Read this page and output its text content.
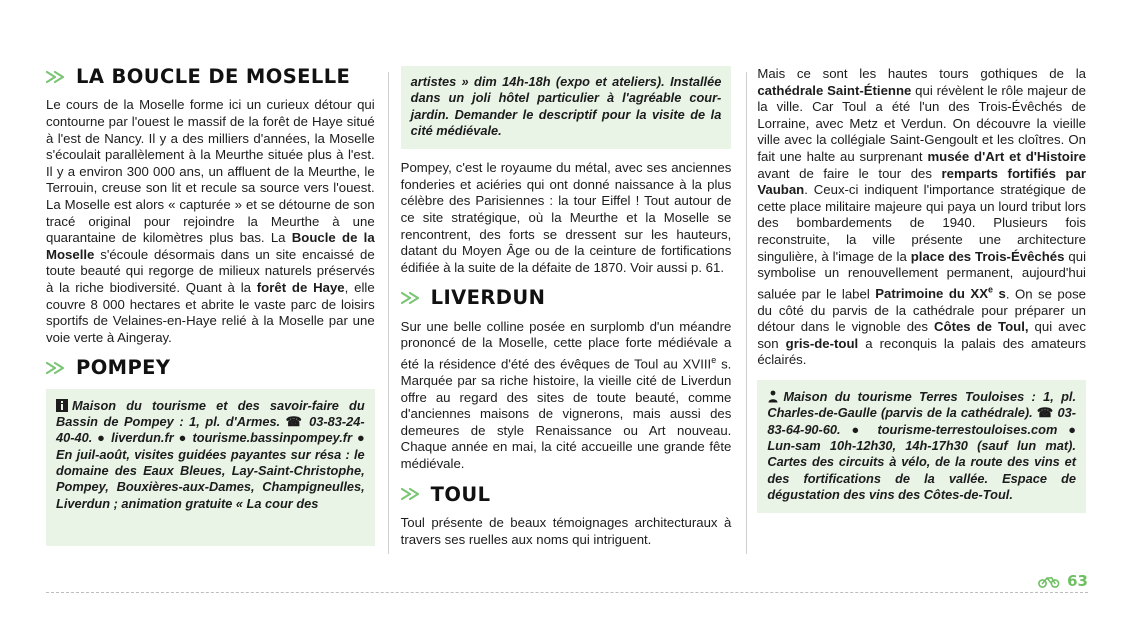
LA BOUCLE DE MOSELLE

Le cours de la Moselle forme ici un curieux détour qui contourne par l'ouest le massif de la forêt de Haye situé à l'est de Nancy. Il y a des milliers d'années, la Moselle s'écoulait parallèlement à la Meurthe située plus à l'est. Il y a environ 300 000 ans, un affluent de la Meurthe, le Terrouin, creuse son lit et recule sa source vers l'ouest. La Moselle est alors « capturée » et se détourne de son tracé original pour rejoindre la Meurthe à une quarantaine de kilomètres plus bas. La Boucle de la Moselle s'écoule désormais dans un site encaissé de toute beauté qui regorge de milieux naturels préservés à la riche biodiversité. Quant à la forêt de Haye, elle couvre 8 000 hectares et abrite le vaste parc de loisirs sportifs de Velaines-en-Haye relié à la Moselle par une voie verte à Aingeray.

POMPEY
Maison du tourisme et des savoir-faire du Bassin de Pompey : 1, pl. d'Armes. ☎ 03-83-24-40-40. ● liverdun.fr ● tourisme.bassinpompey.fr ● En juil-août, visites guidées payantes sur résa : le domaine des Eaux Bleues, Lay-Saint-Christophe, Pompey, Bouxières-aux-Dames, Champigneulles, Liverdun ; animation gratuite « La cour des
artistes » dim 14h-18h (expo et ateliers). Installée dans un joli hôtel particulier à l'agréable cour-jardin. Demander le descriptif pour la visite de la cité médiévale.

Pompey, c'est le royaume du métal, avec ses anciennes fonderies et aciéries qui ont donné naissance à la plus célèbre des Parisiennes : la tour Eiffel ! Tout autour de ce site stratégique, où la Meurthe et la Moselle se rencontrent, des forts se dressent sur les hauteurs, datant du Moyen Âge ou de la ceinture de fortifications édifiée à la suite de la défaite de 1870. Voir aussi p. 61.

LIVERDUN

Sur une belle colline posée en surplomb d'un méandre prononcé de la Moselle, cette place forte médiévale a été la résidence d'été des évêques de Toul au XVIIIe s. Marquée par sa riche histoire, la vieille cité de Liverdun offre au regard des sites de toute beauté, comme d'anciennes maisons de vignerons, mais aussi des demeures de style Renaissance ou Art nouveau. Chaque année en mai, la cité accueille une grande fête médiévale.

TOUL

Toul présente de beaux témoignages architecturaux à travers ses ruelles aux noms qui intriguent.

Mais ce sont les hautes tours gothiques de la cathédrale Saint-Étienne qui révèlent le rôle majeur de la ville. Car Toul a été l'un des Trois-Évêchés de Lorraine, avec Metz et Verdun. On découvre la vieille ville avec la collégiale Saint-Gengoult et les cloîtres. On fait une halte au surprenant musée d'Art et d'Histoire avant de faire le tour des remparts fortifiés par Vauban. Ceux-ci indiquent l'importance stratégique de cette place militaire majeure qui paya un lourd tribut lors des bombardements de 1940. Plusieurs fois reconstruite, la ville présente une architecture singulière, à l'image de la place des Trois-Évêchés qui symbolise un renouvellement permanent, aujourd'hui saluée par le label Patrimoine du XXe s. On se pose du côté du parvis de la cathédrale pour préparer un détour dans le vignoble des Côtes de Toul, qui avec son gris-de-toul a reconquis la palais des amateurs éclairés.

Maison du tourisme Terres Touloises : 1, pl. Charles-de-Gaulle (parvis de la cathédrale). ☎ 03-83-64-90-60. ● tourisme-terrestouloises.com ● Lun-sam 10h-12h30, 14h-17h30 (sauf lun mat). Cartes des circuits à vélo, de la route des vins et des fortifications de la vallée. Espace de dégustation des vins des Côtes-de-Toul.
63
